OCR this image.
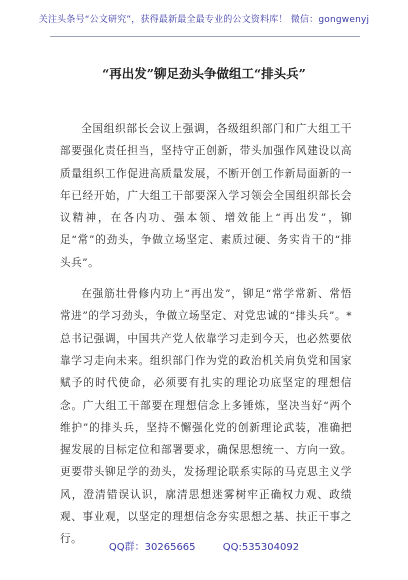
关注头条号“公文研究”，获得最新最全最专业的公文资料库！ 微信：gongwenyj
“再出发”铆足劲头争做组工“排头兵”

全国组织部长会议上强调，各级组织部门和广大组工干部要强化责任担当，坚持守正创新，带头加强作风建设以高质量组织工作促进高质量发展，不断开创工作新局面新的一年已经开始，广大组工干部要深入学习领会全国组织部长会议精神，在各内功、强本领、增效能上“再出发”，铆足“常”的劲头，争做立场坚定、素质过硬、务实肯干的“排头兵”。

在强筋壮骨修内功上“再出发”，铆足“常学常新、常悟常进”的学习劲头，争做立场坚定、对党忠诚的“排头兵”。*总书记强调，中国共产党人依靠学习走到今天，也必然要依靠学习走向未来。组织部门作为党的政治机关肩负党和国家赋予的时代使命，必须要有扎实的理论功底坚定的理想信念。广大组工干部要在理想信念上多锤炼，坚决当好“两个维护”的排头兵，坚持不懈强化党的创新理论武装，准确把握发展的目标定位和部署要求，确保思想统一、方向一致。更要带头铆足学的劲头，发扬理论联系实际的马克思主义学风，澄清错误认识，廓清思想迷雾树牢正确权力观、政绩观、事业观，以坚定的理想信念夯实思想之基、扶正干事之行。

QQ群：30265665	QQ:535304092
